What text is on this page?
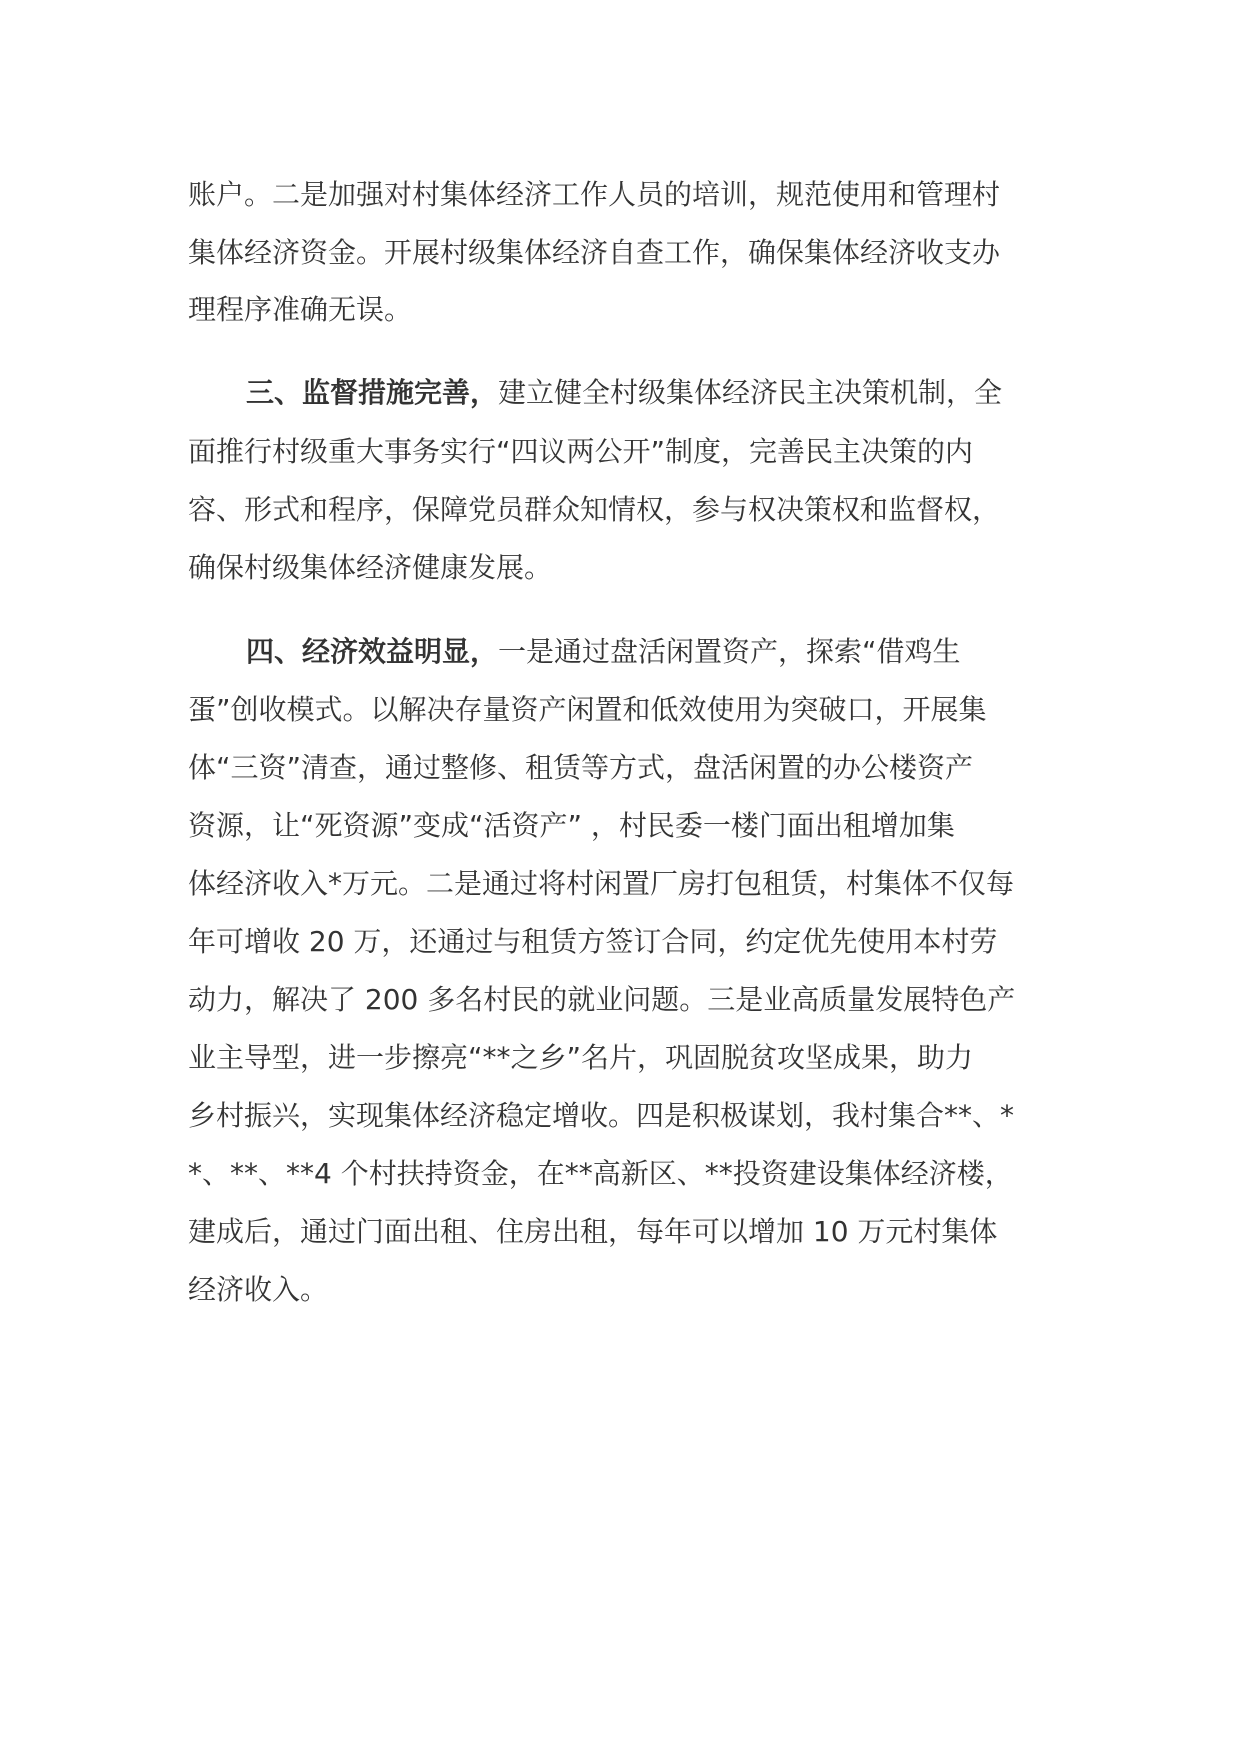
账户。二是加强对村集体经济工作人员的培训，规范使用和管理村
集体经济资金。开展村级集体经济自查工作，确保集体经济收支办
理程序准确无误。
三、监督措施完善，建立健全村级集体经济民主决策机制，全
面推行村级重大事务实行“四议两公开”制度，完善民主决策的内
容、形式和程序，保障党员群众知情权，参与权决策权和监督权，
确保村级集体经济健康发展。
四、经济效益明显，一是通过盘活闲置资产，探索“借鸡生
蛋”创收模式。以解决存量资产闲置和低效使用为突破口，开展集
体“三资”清查，通过整修、租赁等方式，盘活闲置的办公楼资产
资源，让“死资源”变成“活资产” ，村民委一楼门面出租增加集
体经济收入*万元。二是通过将村闲置厂房打包租赁，村集体不仅每
年可增收 20 万，还通过与租赁方签订合同，约定优先使用本村劳
动力，解决了 200 多名村民的就业问题。三是业高质量发展特色产
业主导型，进一步擦亮“**之乡”名片，巩固脱贫攻坚成果，助力
乡村振兴，实现集体经济稳定增收。四是积极谋划，我村集合**、*
*、**、**4 个村扶持资金，在**高新区、**投资建设集体经济楼，
建成后，通过门面出租、住房出租，每年可以增加 10 万元村集体
经济收入。
